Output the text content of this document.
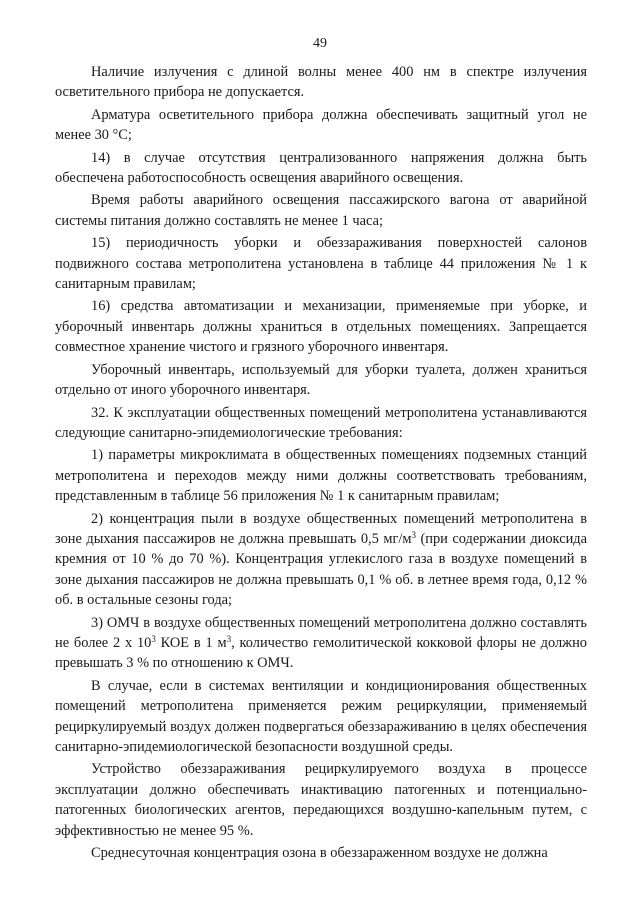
49

Наличие излучения с длиной волны менее 400 нм в спектре излучения осветительного прибора не допускается.

Арматура осветительного прибора должна обеспечивать защитный угол не менее 30 °С;

14) в случае отсутствия централизованного напряжения должна быть обеспечена работоспособность освещения аварийного освещения.

Время работы аварийного освещения пассажирского вагона от аварийной системы питания должно составлять не менее 1 часа;

15) периодичность уборки и обеззараживания поверхностей салонов подвижного состава метрополитена установлена в таблице 44 приложения № 1 к санитарным правилам;

16) средства автоматизации и механизации, применяемые при уборке, и уборочный инвентарь должны храниться в отдельных помещениях. Запрещается совместное хранение чистого и грязного уборочного инвентаря.

Уборочный инвентарь, используемый для уборки туалета, должен храниться отдельно от иного уборочного инвентаря.

32. К эксплуатации общественных помещений метрополитена устанавливаются следующие санитарно-эпидемиологические требования:

1) параметры микроклимата в общественных помещениях подземных станций метрополитена и переходов между ними должны соответствовать требованиям, представленным в таблице 56 приложения № 1 к санитарным правилам;

2) концентрация пыли в воздухе общественных помещений метрополитена в зоне дыхания пассажиров не должна превышать 0,5 $мг/м^3$ (при содержании диоксида кремния от 10 % до 70 %). Концентрация углекислого газа в воздухе помещений в зоне дыхания пассажиров не должна превышать 0,1 % об. в летнее время года, 0,12 % об. в остальные сезоны года;

3) ОМЧ в воздухе общественных помещений метрополитена должно составлять не более 2 x $10^3$ КОЕ в 1 $м^3$, количество гемолитической кокковой флоры не должно превышать 3 % по отношению к ОМЧ.

В случае, если в системах вентиляции и кондиционирования общественных помещений метрополитена применяется режим рециркуляции, применяемый рециркулируемый воздух должен подвергаться обеззараживанию в целях обеспечения санитарно-эпидемиологической безопасности воздушной среды.

Устройство обеззараживания рециркулируемого воздуха в процессе эксплуатации должно обеспечивать инактивацию патогенных и потенциально-патогенных биологических агентов, передающихся воздушно-капельным путем, с эффективностью не менее 95 %.

Среднесуточная концентрация озона в обеззараженном воздухе не должна
